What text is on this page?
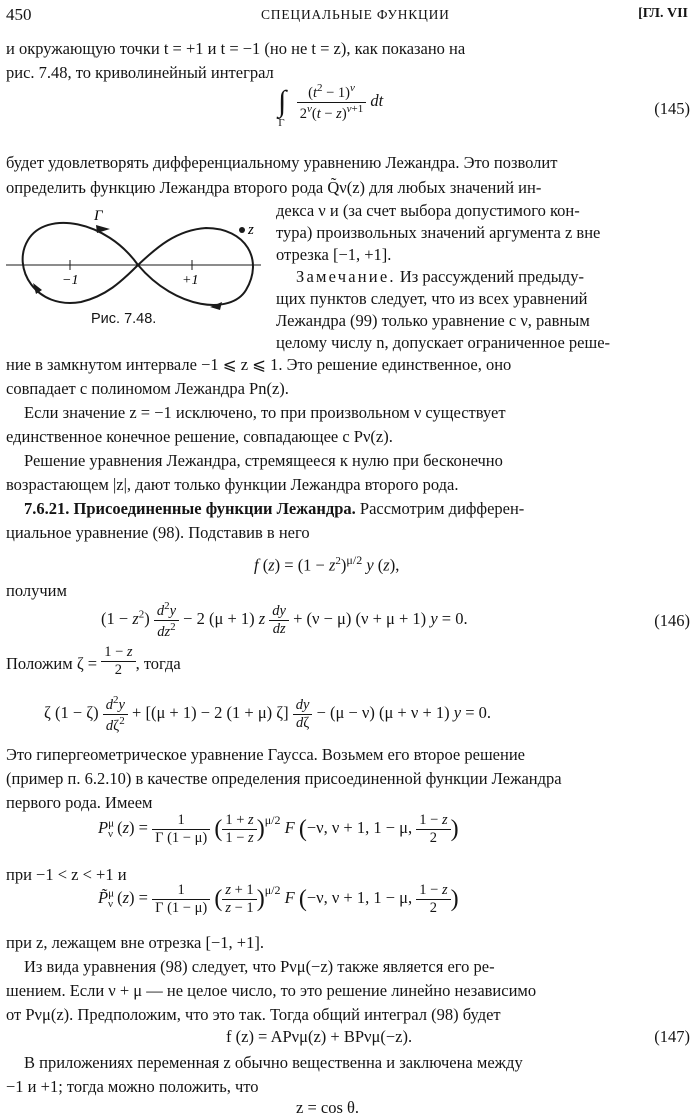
450	СПЕЦИАЛЬНЫЕ ФУНКЦИИ	[ГЛ. VII
и окружающую точки t = +1 и t = −1 (но не t = z), как показано на
рис. 7.48, то криволинейный интеграл
$\int_\Gamma$
$\frac{(t^2 - 1)^\nu}{2^\nu(t - z)^{\nu+1}}$ dt	(145)
будет удовлетворять дифференциальному уравнению Лежандра. Это позволит
определить функцию Лежандра второго рода Q̃ν(z) для любых значений ин-
декса ν и (за счет выбора допустимого кон-
тура) произвольных значений аргумента z вне
отрезка [−1, +1].
Замечание. Из рассуждений предыду-
щих пунктов следует, что из всех уравнений
Лежандра (99) только уравнение с ν, равным
целому числу n, допускает ограниченное реше-
Г
z
−1	+1
Рис. 7.48.
ние в замкнутом интервале −1 ⩽ z ⩽ 1. Это решение единственное, оно
совпадает с полиномом Лежандра Pn(z).
Если значение z = −1 исключено, то при произвольном ν существует
единственное конечное решение, совпадающее с Pν(z).
Решение уравнения Лежандра, стремящееся к нулю при бесконечно
возрастающем |z|, дают только функции Лежандра второго рода.
7.6.21. Присоединенные функции Лежандра. Рассмотрим дифферен-
циальное уравнение (98). Подставив в него
f $(z) = (1 - z^2)^{\mu/2}$ y (z),
получим
$(1 - z^2) \frac{d^2y}{dz^2} - 2$ (μ + 1) z $\frac{dy}{dz} + (\nu - \mu) (\nu + \mu + 1) y = 0$.	(146)
Положим $\zeta = \frac{1 - z}{2}$ , тогда
ζ $(1 - \zeta) \frac{d^2y}{d\zeta^2} + [(\mu + 1) - 2$ (1 + μ) $\zeta] \frac{dy}{d\zeta} - (\mu - \nu) (\mu + \nu + 1) y = 0$.
Это гипергеометрическое уравнение Гаусса. Возьмем его второе решение
(пример п. 6.2.10) в качестве определения присоединенной функции Лежандра
первого рода. Имеем
$P^\mu_\nu$ $(z) = \frac{1}{\Gamma (1 - \mu)}$ ( $\frac{1 + z}{1 - z} )^{\mu/2}$ F (−ν, ν + 1, 1 − μ, $\frac{1 - z}{2}$ )
при −1 < z < +1 и
P̃$^\mu_\nu$ $(z) = \frac{1}{\Gamma (1 - \mu)}$ ( $\frac{z + 1}{z - 1} )^{\mu/2}$ F (−ν, ν + 1, 1 − μ, $\frac{1 - z}{2}$ )
при z, лежащем вне отрезка [−1, +1].
Из вида уравнения (98) следует, что Pνμ(−z) также является его ре-
шением. Если ν + μ — не целое число, то это решение линейно независимо
от Pνμ(z). Предположим, что это так. Тогда общий интеграл (98) будет
f (z) = APνμ(z) + BPνμ(−z).	(147)
В приложениях переменная z обычно вещественна и заключена между
−1 и +1; тогда можно положить, что
z = cos θ.
